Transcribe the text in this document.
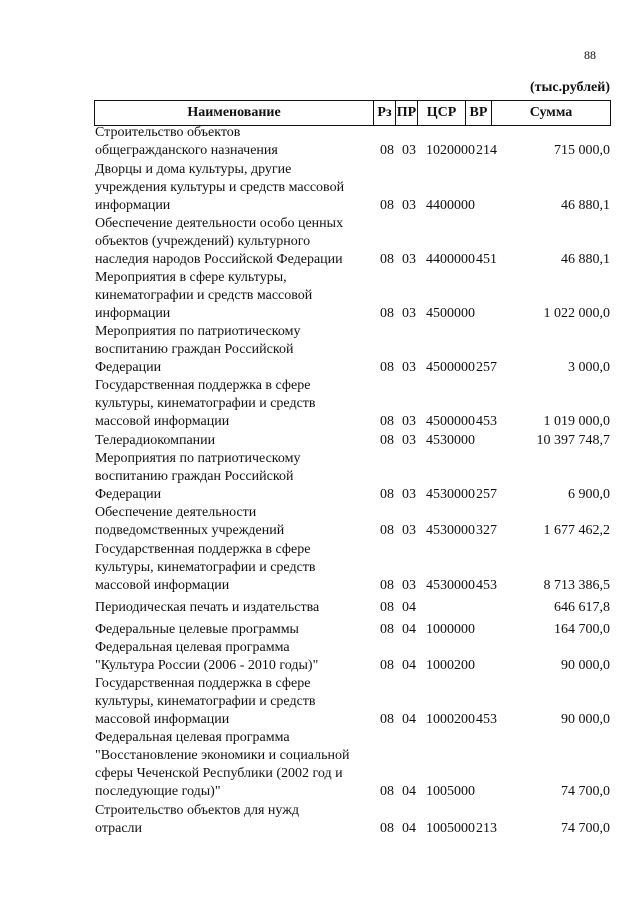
88
(тыс.рублей)
Наименование	Рз ПР ЦСР ВР	Сумма
Строительство объектов
общегражданского назначения	08 03 1020000 214	715 000,0
Дворцы и дома культуры, другие
учреждения культуры и средств массовой
информации	08 03 4400000	46 880,1
Обеспечение деятельности особо ценных
объектов (учреждений) культурного
наследия народов Российской Федерации	08 03 4400000 451	46 880,1
Мероприятия в сфере культуры,
кинематографии и средств массовой
информации	08 03 4500000	1 022 000,0
Мероприятия по патриотическому
воспитанию граждан Российской
Федерации	08 03 4500000 257	3 000,0
Государственная поддержка в сфере
культуры, кинематографии и средств
массовой информации	08 03 4500000 453	1 019 000,0
Телерадиокомпании	08 03 4530000	10 397 748,7
Мероприятия по патриотическому
воспитанию граждан Российской
Федерации	08 03 4530000 257	6 900,0
Обеспечение деятельности
подведомственных учреждений	08 03 4530000 327	1 677 462,2
Государственная поддержка в сфере
культуры, кинематографии и средств
массовой информации	08 03 4530000 453	8 713 386,5
Периодическая печать и издательства	08 04	646 617,8
Федеральные целевые программы	08 04 1000000	164 700,0
Федеральная целевая программа
"Культура России (2006 - 2010 годы)"	08 04 1000200	90 000,0
Государственная поддержка в сфере
культуры, кинематографии и средств
массовой информации	08 04 1000200 453	90 000,0
Федеральная целевая программа
"Восстановление экономики и социальной
сферы Чеченской Республики (2002 год и
последующие годы)"	08 04 1005000	74 700,0
Строительство объектов для нужд
отрасли	08 04 1005000 213	74 700,0
